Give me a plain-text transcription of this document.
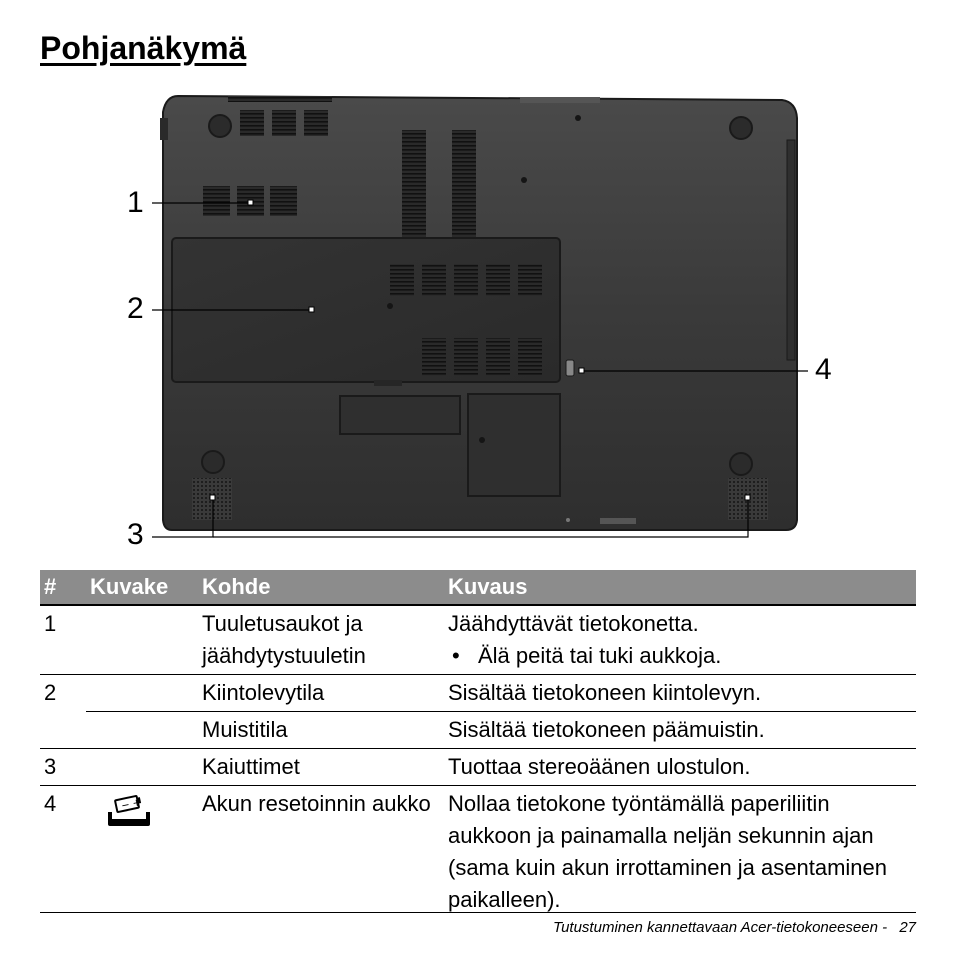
Pohjanäkymä
1
2
3
4
#	Kuvake	Kohde	Kuvaus
1		Tuuletusaukot ja jäähdytystuuletin	Jäähdyttävät tietokonetta.
• Älä peitä tai tuki aukkoja.

2		Kiintolevytila	Sisältää tietokoneen kiintolevyn.
		Muistitila	Sisältää tietokoneen päämuistin.
3		Kaiuttimet	Tuottaa stereoäänen ulostulon.
4	− +	Akun resetoinnin aukko	Nollaa tietokone työntämällä paperiliitin aukkoon ja painamalla neljän sekunnin ajan (sama kuin akun irrottaminen ja asentaminen paikalleen).
Tutustuminen kannettavaan Acer-tietokoneeseen - 27
